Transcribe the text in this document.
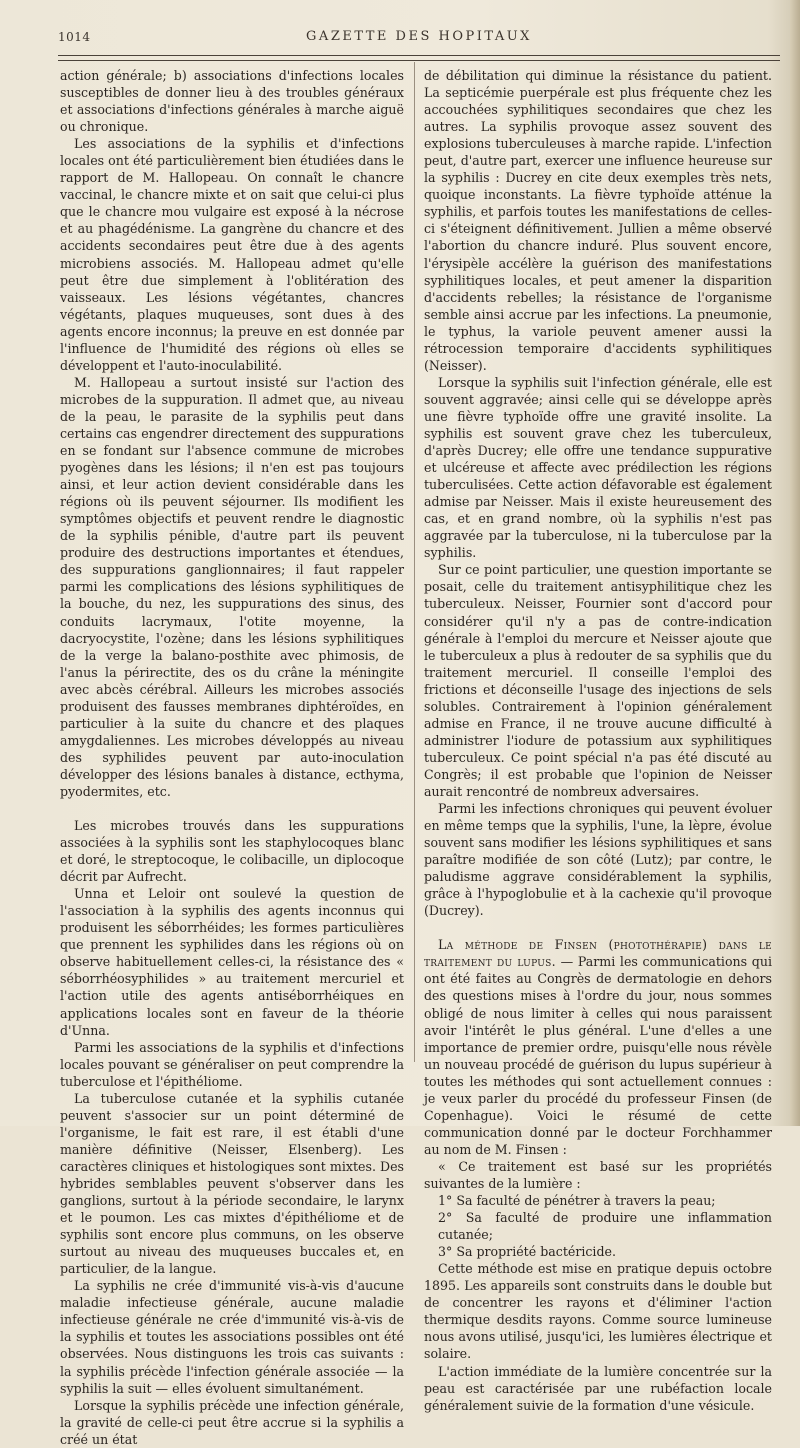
1014	GAZETTE DES HOPITAUX

action générale; b) associations d'infections locales susceptibles de donner lieu à des troubles généraux et associations d'infections générales à marche aiguë ou chronique.

Les associations de la syphilis et d'infections locales ont été particulièrement bien étudiées dans le rapport de M. Hallopeau. On connaît le chancre vaccinal, le chancre mixte et on sait que celui-ci plus que le chancre mou vulgaire est exposé à la nécrose et au phagédénisme. La gangrène du chancre et des accidents secondaires peut être due à des agents microbiens associés. M. Hallopeau admet qu'elle peut être due simplement à l'oblitération des vaisseaux. Les lésions végétantes, chancres végétants, plaques muqueuses, sont dues à des agents encore inconnus; la preuve en est donnée par l'influence de l'humidité des régions où elles se développent et l'auto-inoculabilité.

M. Hallopeau a surtout insisté sur l'action des microbes de la suppuration. Il admet que, au niveau de la peau, le parasite de la syphilis peut dans certains cas engendrer directement des suppurations en se fondant sur l'absence commune de microbes pyogènes dans les lésions; il n'en est pas toujours ainsi, et leur action devient considérable dans les régions où ils peuvent séjourner. Ils modifient les symptômes objectifs et peuvent rendre le diagnostic de la syphilis pénible, d'autre part ils peuvent produire des destructions importantes et étendues, des suppurations ganglionnaires; il faut rappeler parmi les complications des lésions syphilitiques de la bouche, du nez, les suppurations des sinus, des conduits lacrymaux, l'otite moyenne, la dacryocystite, l'ozène; dans les lésions syphilitiques de la verge la balano-posthite avec phimosis, de l'anus la périrectite, des os du crâne la méningite avec abcès cérébral. Ailleurs les microbes associés produisent des fausses membranes diphtéroïdes, en particulier à la suite du chancre et des plaques amygdaliennes. Les microbes développés au niveau des syphilides peuvent par auto-inoculation développer des lésions banales à distance, ecthyma, pyodermites, etc.

Les microbes trouvés dans les suppurations associées à la syphilis sont les staphylocoques blanc et doré, le streptocoque, le colibacille, un diplocoque décrit par Aufrecht.

Unna et Leloir ont soulevé la question de l'association à la syphilis des agents inconnus qui produisent les séborrhéides; les formes particulières que prennent les syphilides dans les régions où on observe habituellement celles-ci, la résistance des « séborrhéosyphilides » au traitement mercuriel et l'action utile des agents antiséborrhéiques en applications locales sont en faveur de la théorie d'Unna.

Parmi les associations de la syphilis et d'infections locales pouvant se généraliser on peut comprendre la tuberculose et l'épithéliome.

La tuberculose cutanée et la syphilis cutanée peuvent s'associer sur un point déterminé de l'organisme, le fait est rare, il est établi d'une manière définitive (Neisser, Elsenberg). Les caractères cliniques et histologiques sont mixtes. Des hybrides semblables peuvent s'observer dans les ganglions, surtout à la période secondaire, le larynx et le poumon. Les cas mixtes d'épithéliome et de syphilis sont encore plus communs, on les observe surtout au niveau des muqueuses buccales et, en particulier, de la langue.

La syphilis ne crée d'immunité vis-à-vis d'aucune maladie infectieuse générale, aucune maladie infectieuse générale ne crée d'immunité vis-à-vis de la syphilis et toutes les associations possibles ont été observées. Nous distinguons les trois cas suivants : la syphilis précède l'infection générale associée — la syphilis la suit — elles évoluent simultanément.

Lorsque la syphilis précède une infection générale, la gravité de celle-ci peut être accrue si la syphilis a créé un état

de débilitation qui diminue la résistance du patient. La septicémie puerpérale est plus fréquente chez les accouchées syphilitiques secondaires que chez les autres. La syphilis provoque assez souvent des explosions tuberculeuses à marche rapide. L'infection peut, d'autre part, exercer une influence heureuse sur la syphilis : Ducrey en cite deux exemples très nets, quoique inconstants. La fièvre typhoïde atténue la syphilis, et parfois toutes les manifestations de celles-ci s'éteignent définitivement. Jullien a même observé l'abortion du chancre induré. Plus souvent encore, l'érysipèle accélère la guérison des manifestations syphilitiques locales, et peut amener la disparition d'accidents rebelles; la résistance de l'organisme semble ainsi accrue par les infections. La pneumonie, le typhus, la variole peuvent amener aussi la rétrocession temporaire d'accidents syphilitiques (Neisser).

Lorsque la syphilis suit l'infection générale, elle est souvent aggravée; ainsi celle qui se développe après une fièvre typhoïde offre une gravité insolite. La syphilis est souvent grave chez les tuberculeux, d'après Ducrey; elle offre une tendance suppurative et ulcéreuse et affecte avec prédilection les régions tuberculisées. Cette action défavorable est également admise par Neisser. Mais il existe heureusement des cas, et en grand nombre, où la syphilis n'est pas aggravée par la tuberculose, ni la tuberculose par la syphilis.

Sur ce point particulier, une question importante se posait, celle du traitement antisyphilitique chez les tuberculeux. Neisser, Fournier sont d'accord pour considérer qu'il n'y a pas de contre-indication générale à l'emploi du mercure et Neisser ajoute que le tuberculeux a plus à redouter de sa syphilis que du traitement mercuriel. Il conseille l'emploi des frictions et déconseille l'usage des injections de sels solubles. Contrairement à l'opinion généralement admise en France, il ne trouve aucune difficulté à administrer l'iodure de potassium aux syphilitiques tuberculeux. Ce point spécial n'a pas été discuté au Congrès; il est probable que l'opinion de Neisser aurait rencontré de nombreux adversaires.

Parmi les infections chroniques qui peuvent évoluer en même temps que la syphilis, l'une, la lèpre, évolue souvent sans modifier les lésions syphilitiques et sans paraître modifiée de son côté (Lutz); par contre, le paludisme aggrave considérablement la syphilis, grâce à l'hypoglobulie et à la cachexie qu'il provoque (Ducrey).

La méthode de Finsen (photothérapie) dans le traitement du lupus. — Parmi les communications qui ont été faites au Congrès de dermatologie en dehors des questions mises à l'ordre du jour, nous sommes obligé de nous limiter à celles qui nous paraissent avoir l'intérêt le plus général. L'une d'elles a une importance de premier ordre, puisqu'elle nous révèle un nouveau procédé de guérison du lupus supérieur à toutes les méthodes qui sont actuellement connues : je veux parler du procédé du professeur Finsen (de Copenhague). Voici le résumé de cette communication donné par le docteur Forchhammer au nom de M. Finsen :

« Ce traitement est basé sur les propriétés suivantes de la lumière :

1° Sa faculté de pénétrer à travers la peau;

2° Sa faculté de produire une inflammation cutanée;

3° Sa propriété bactéricide.

Cette méthode est mise en pratique depuis octobre 1895. Les appareils sont construits dans le double but de concentrer les rayons et d'éliminer l'action thermique desdits rayons. Comme source lumineuse nous avons utilisé, jusqu'ici, les lumières électrique et solaire.

L'action immédiate de la lumière concentrée sur la peau est caractérisée par une rubéfaction locale généralement suivie de la formation d'une vésicule.
